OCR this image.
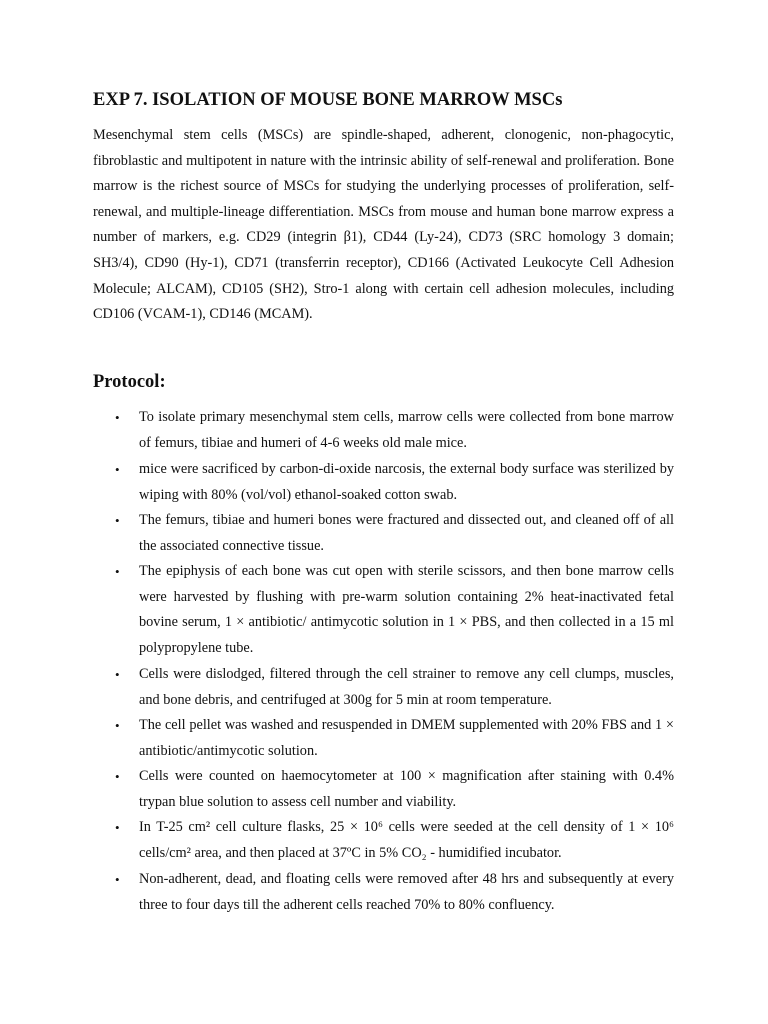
EXP 7. ISOLATION OF MOUSE BONE MARROW MSCs

Mesenchymal stem cells (MSCs) are spindle-shaped, adherent, clonogenic, non-phagocytic, fibroblastic and multipotent in nature with the intrinsic ability of self-renewal and proliferation. Bone marrow is the richest source of MSCs for studying the underlying processes of proliferation, self-renewal, and multiple-lineage differentiation. MSCs from mouse and human bone marrow express a number of markers, e.g. CD29 (integrin β1), CD44 (Ly-24), CD73 (SRC homology 3 domain; SH3/4), CD90 (Hy-1), CD71 (transferrin receptor), CD166 (Activated Leukocyte Cell Adhesion Molecule; ALCAM), CD105 (SH2), Stro-1 along with certain cell adhesion molecules, including CD106 (VCAM-1), CD146 (MCAM).

Protocol:
•	To isolate primary mesenchymal stem cells, marrow cells were collected from bone marrow of femurs, tibiae and humeri of 4-6 weeks old male mice.
•	mice were sacrificed by carbon-di-oxide narcosis, the external body surface was sterilized by wiping with 80% (vol/vol) ethanol-soaked cotton swab.
•	The femurs, tibiae and humeri bones were fractured and dissected out, and cleaned off of all the associated connective tissue.
•	The epiphysis of each bone was cut open with sterile scissors, and then bone marrow cells were harvested by flushing with pre-warm solution containing 2% heat-inactivated fetal bovine serum, 1 × antibiotic/ antimycotic solution in 1 × PBS, and then collected in a 15 ml polypropylene tube.
•	Cells were dislodged, filtered through the cell strainer to remove any cell clumps, muscles, and bone debris, and centrifuged at 300g for 5 min at room temperature.
•	The cell pellet was washed and resuspended in DMEM supplemented with 20% FBS and 1 × antibiotic/antimycotic solution.
•	Cells were counted on haemocytometer at 100 × magnification after staining with 0.4% trypan blue solution to assess cell number and viability.
•	In T-25 cm² cell culture flasks, 25 × 10⁶ cells were seeded at the cell density of 1 × 10⁶ cells/cm² area, and then placed at 37ºC in 5% CO₂ - humidified incubator.
•	Non-adherent, dead, and floating cells were removed after 48 hrs and subsequently at every three to four days till the adherent cells reached 70% to 80% confluency.
